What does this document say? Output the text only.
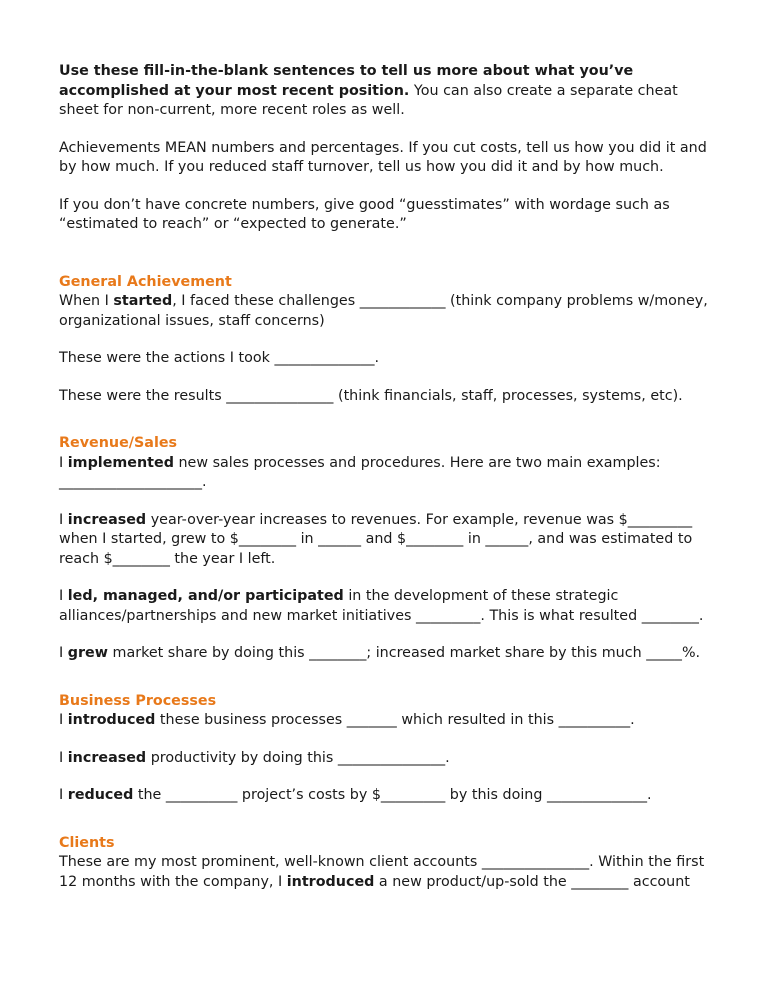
Use these fill-in-the-blank sentences to tell us more about what you’ve accomplished at your most recent position. You can also create a separate cheat sheet for non-current, more recent roles as well.

Achievements MEAN numbers and percentages. If you cut costs, tell us how you did it and by how much. If you reduced staff turnover, tell us how you did it and by how much.

If you don’t have concrete numbers, give good “guesstimates” with wordage such as “estimated to reach” or “expected to generate.”

General Achievement

When I started, I faced these challenges ____________ (think company problems w/money, organizational issues, staff concerns)

These were the actions I took ______________.

These were the results _______________ (think financials, staff, processes, systems, etc).

Revenue/Sales

I implemented new sales processes and procedures. Here are two main examples: ____________________.

I increased year-over-year increases to revenues. For example, revenue was $_________ when I started, grew to $________ in ______ and $________ in ______, and was estimated to reach $________ the year I left.

I led, managed, and/or participated in the development of these strategic alliances/partnerships and new market initiatives _________. This is what resulted ________.

I grew market share by doing this ________; increased market share by this much _____%.

Business Processes

I introduced these business processes _______ which resulted in this __________.

I increased productivity by doing this _______________.

I reduced the __________ project’s costs by $_________ by this doing ______________.

Clients

These are my most prominent, well-known client accounts _______________. Within the first 12 months with the company, I introduced a new product/up-sold the ________ account
